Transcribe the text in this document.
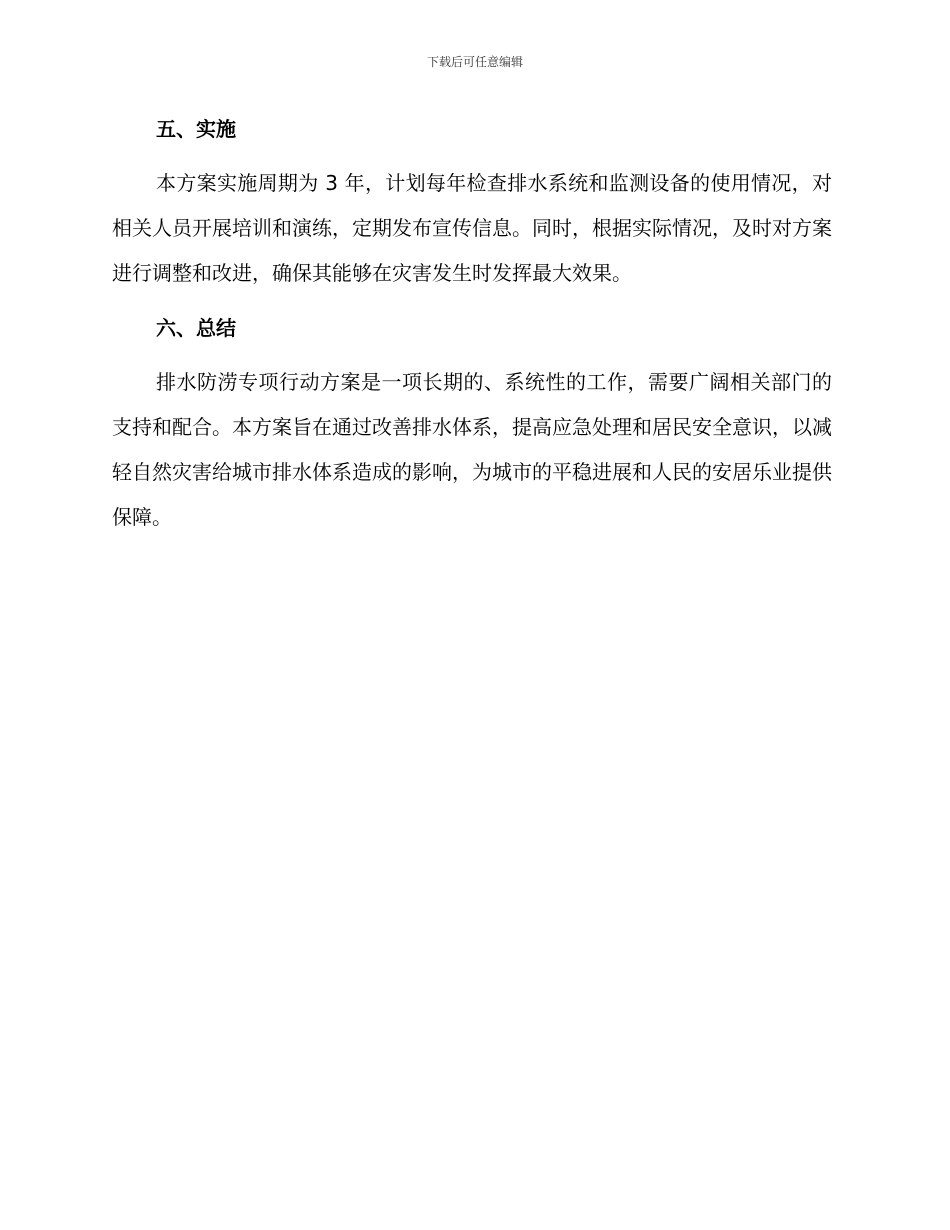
下载后可任意编辑
五、实施

本方案实施周期为 3 年，计划每年检查排水系统和监测设备的使用情况，对相关人员开展培训和演练，定期发布宣传信息。同时，根据实际情况，及时对方案进行调整和改进，确保其能够在灾害发生时发挥最大效果。

六、总结

排水防涝专项行动方案是一项长期的、系统性的工作，需要广阔相关部门的支持和配合。本方案旨在通过改善排水体系，提高应急处理和居民安全意识，以减轻自然灾害给城市排水体系造成的影响，为城市的平稳进展和人民的安居乐业提供保障。
